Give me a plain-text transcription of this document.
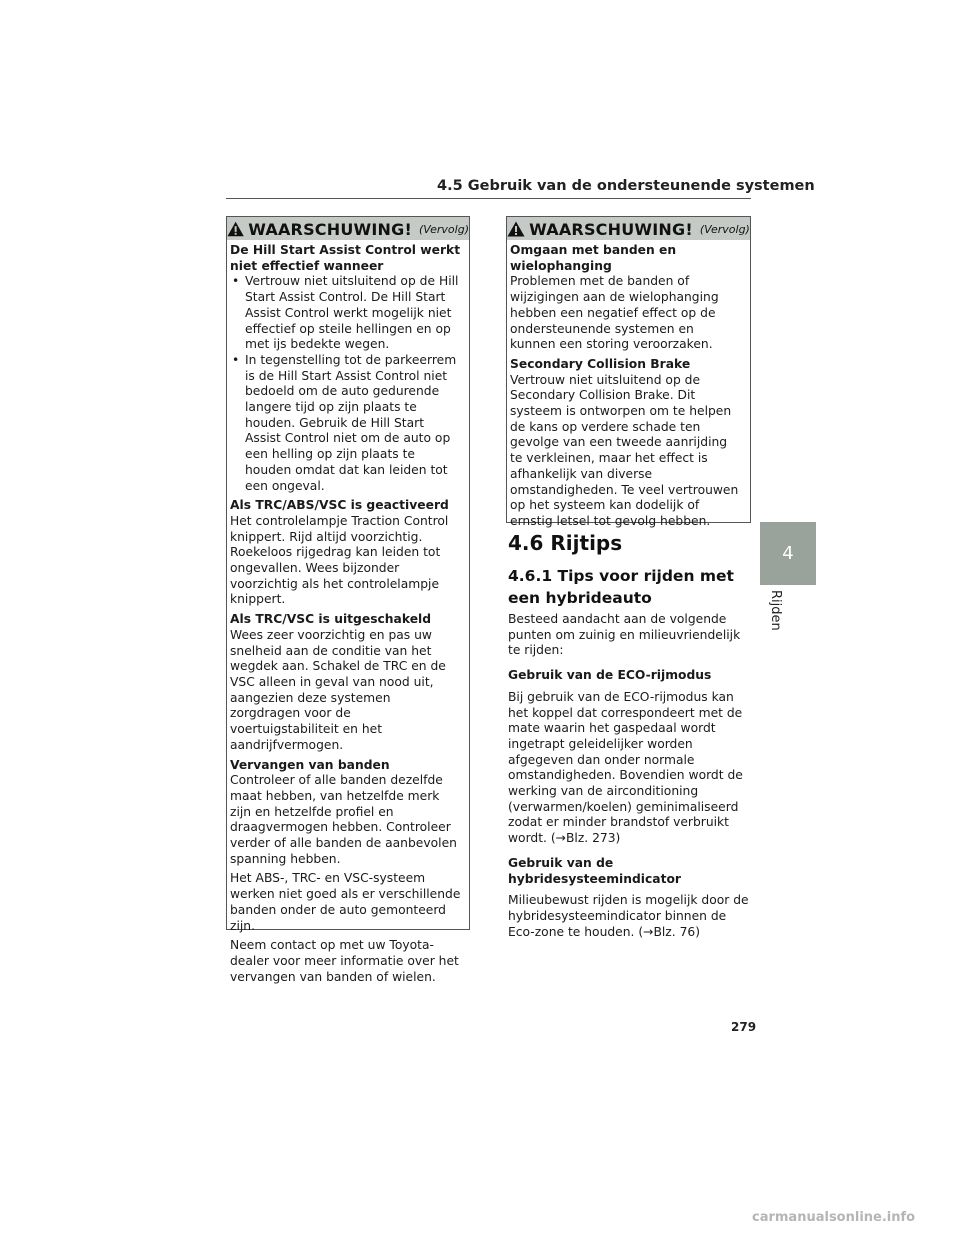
4.5 Gebruik van de ondersteunende systemen
WAARSCHUWING! (Vervolg)

De Hill Start Assist Control werkt niet effectief wanneer

• Vertrouw niet uitsluitend op de Hill Start Assist Control. De Hill Start Assist Control werkt mogelijk niet effectief op steile hellingen en op met ijs bedekte wegen.
• In tegenstelling tot de parkeerrem is de Hill Start Assist Control niet bedoeld om de auto gedurende langere tijd op zijn plaats te houden. Gebruik de Hill Start Assist Control niet om de auto op een helling op zijn plaats te houden omdat dat kan leiden tot een ongeval.

Als TRC/ABS/VSC is geactiveerd

Het controlelampje Traction Control knippert. Rijd altijd voorzichtig. Roekeloos rijgedrag kan leiden tot ongevallen. Wees bijzonder voorzichtig als het controlelampje knippert.

Als TRC/VSC is uitgeschakeld

Wees zeer voorzichtig en pas uw snelheid aan de conditie van het wegdek aan. Schakel de TRC en de VSC alleen in geval van nood uit, aangezien deze systemen zorgdragen voor de voertuigstabiliteit en het aandrijfvermogen.

Vervangen van banden

Controleer of alle banden dezelfde maat hebben, van hetzelfde merk zijn en hetzelfde profiel en draagvermogen hebben. Controleer verder of alle banden de aanbevolen spanning hebben.

Het ABS-, TRC- en VSC-systeem werken niet goed als er verschillende banden onder de auto gemonteerd zijn.

Neem contact op met uw Toyota-dealer voor meer informatie over het vervangen van banden of wielen.

WAARSCHUWING! (Vervolg)

Omgaan met banden en wielophanging

Problemen met de banden of wijzigingen aan de wielophanging hebben een negatief effect op de ondersteunende systemen en kunnen een storing veroorzaken.

Secondary Collision Brake

Vertrouw niet uitsluitend op de Secondary Collision Brake. Dit systeem is ontworpen om te helpen de kans op verdere schade ten gevolge van een tweede aanrijding te verkleinen, maar het effect is afhankelijk van diverse omstandigheden. Te veel vertrouwen op het systeem kan dodelijk of ernstig letsel tot gevolg hebben.

4.6 Rijtips
4.6.1 Tips voor rijden met een hybrideauto

Besteed aandacht aan de volgende punten om zuinig en milieuvriendelijk te rijden:

Gebruik van de ECO-rijmodus

Bij gebruik van de ECO-rijmodus kan het koppel dat correspondeert met de mate waarin het gaspedaal wordt ingetrapt geleidelijker worden afgegeven dan onder normale omstandigheden. Bovendien wordt de werking van de airconditioning (verwarmen/koelen) geminimaliseerd zodat er minder brandstof verbruikt wordt. (→Blz. 273)

Gebruik van de hybridesysteemindicator

Milieubewust rijden is mogelijk door de hybridesysteemindicator binnen de Eco-zone te houden. (→Blz. 76)

4
Rijden
279
carmanualsonline.info
